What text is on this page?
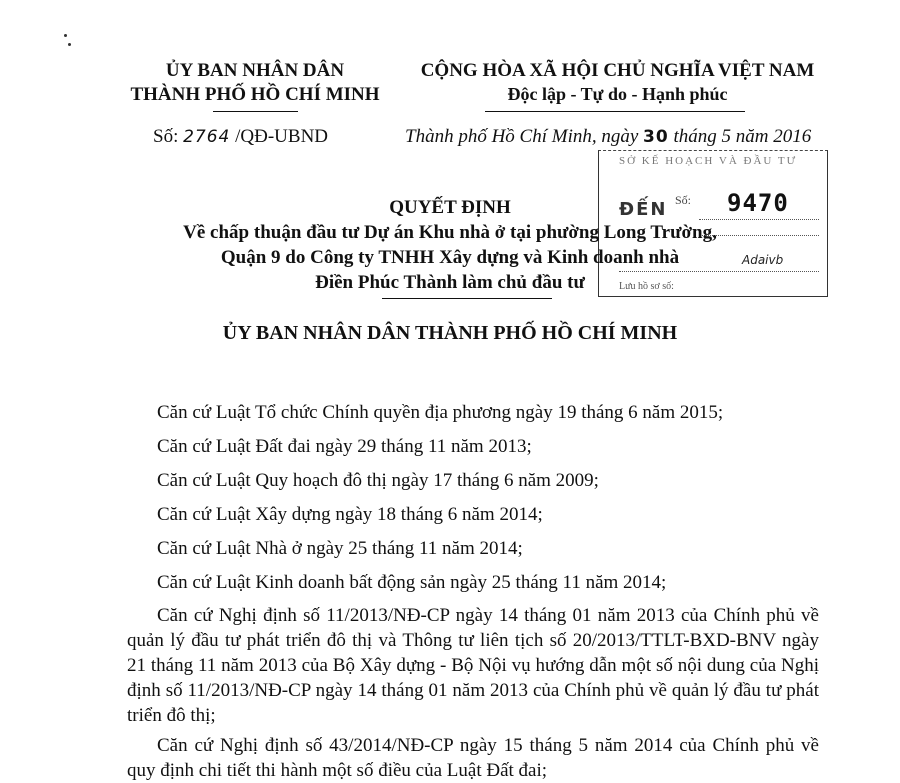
ỦY BAN NHÂN DÂN
THÀNH PHỐ HỒ CHÍ MINH
CỘNG HÒA XÃ HỘI CHỦ NGHĨA VIỆT NAM
Độc lập - Tự do - Hạnh phúc
Số: 2764 /QĐ-UBND	Thành phố Hồ Chí Minh, ngày 30 tháng 5 năm 2016
SỞ KẾ HOẠCH VÀ ĐẦU TƯ
ĐẾN Số: 9470
Adaivb
Lưu hồ sơ số:
QUYẾT ĐỊNH
Về chấp thuận đầu tư Dự án Khu nhà ở tại phường Long Trường,
Quận 9 do Công ty TNHH Xây dựng và Kinh doanh nhà
Điền Phúc Thành làm chủ đầu tư
ỦY BAN NHÂN DÂN THÀNH PHỐ HỒ CHÍ MINH
Căn cứ Luật Tổ chức Chính quyền địa phương ngày 19 tháng 6 năm 2015;
Căn cứ Luật Đất đai ngày 29 tháng 11 năm 2013;
Căn cứ Luật Quy hoạch đô thị ngày 17 tháng 6 năm 2009;
Căn cứ Luật Xây dựng ngày 18 tháng 6 năm 2014;
Căn cứ Luật Nhà ở ngày 25 tháng 11 năm 2014;
Căn cứ Luật Kinh doanh bất động sản ngày 25 tháng 11 năm 2014;
Căn cứ Nghị định số 11/2013/NĐ-CP ngày 14 tháng 01 năm 2013 của Chính phủ về quản lý đầu tư phát triển đô thị và Thông tư liên tịch số 20/2013/TTLT-BXD-BNV ngày 21 tháng 11 năm 2013 của Bộ Xây dựng - Bộ Nội vụ hướng dẫn một số nội dung của Nghị định số 11/2013/NĐ-CP ngày 14 tháng 01 năm 2013 của Chính phủ về quản lý đầu tư phát triển đô thị;
Căn cứ Nghị định số 43/2014/NĐ-CP ngày 15 tháng 5 năm 2014 của Chính phủ về quy định chi tiết thi hành một số điều của Luật Đất đai;
